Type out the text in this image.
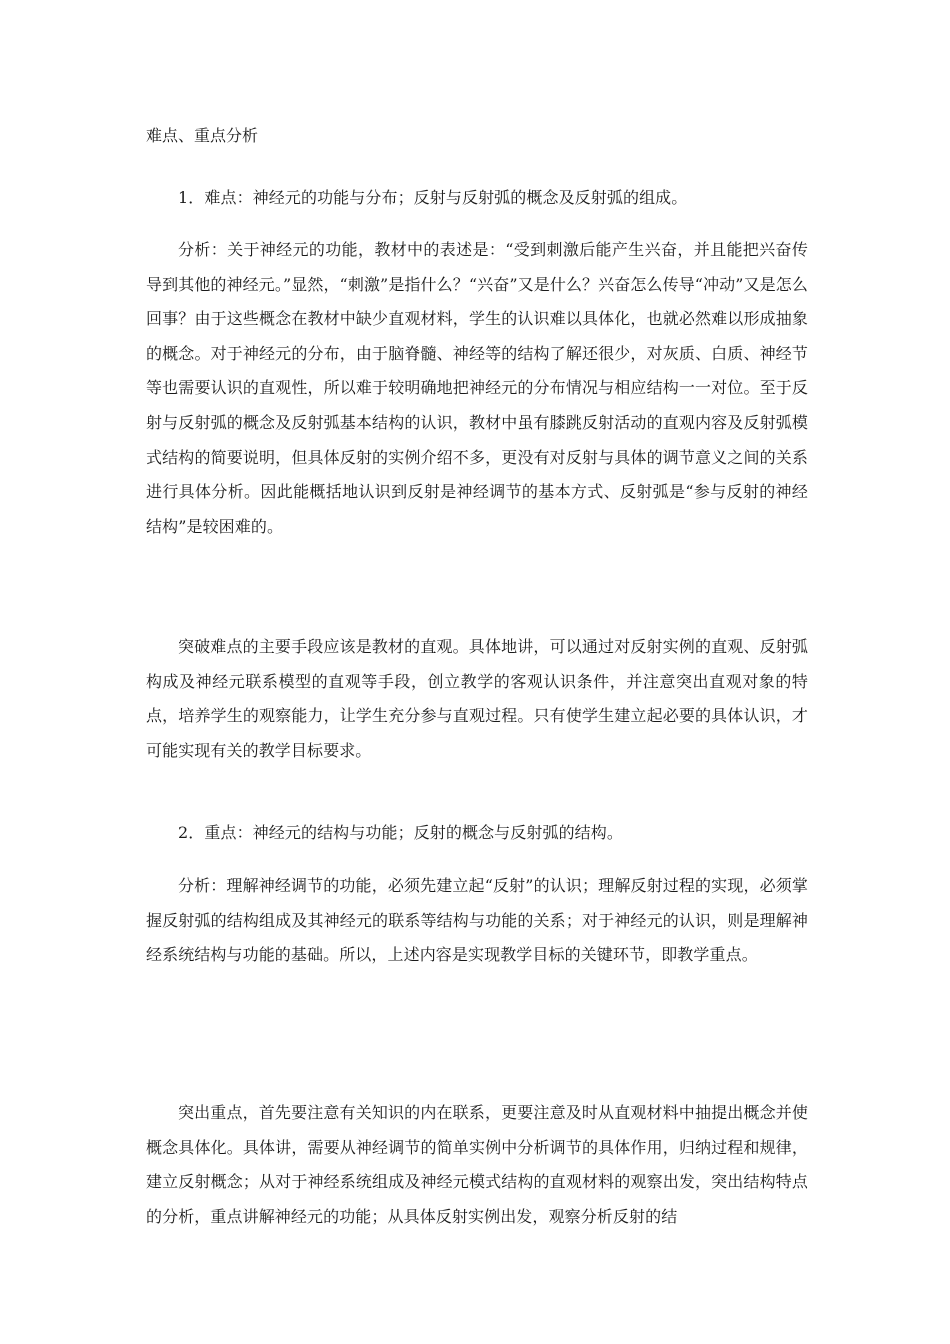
难点、重点分析

1．难点：神经元的功能与分布；反射与反射弧的概念及反射弧的组成。

分析：关于神经元的功能，教材中的表述是：“受到刺激后能产生兴奋，并且能把兴奋传导到其他的神经元。”显然，“刺激”是指什么？“兴奋”又是什么？兴奋怎么传导“冲动”又是怎么回事？由于这些概念在教材中缺少直观材料，学生的认识难以具体化，也就必然难以形成抽象的概念。对于神经元的分布，由于脑脊髓、神经等的结构了解还很少，对灰质、白质、神经节等也需要认识的直观性，所以难于较明确地把神经元的分布情况与相应结构一一对位。至于反射与反射弧的概念及反射弧基本结构的认识，教材中虽有膝跳反射活动的直观内容及反射弧模式结构的简要说明，但具体反射的实例介绍不多，更没有对反射与具体的调节意义之间的关系进行具体分析。因此能概括地认识到反射是神经调节的基本方式、反射弧是“参与反射的神经结构”是较困难的。

突破难点的主要手段应该是教材的直观。具体地讲，可以通过对反射实例的直观、反射弧构成及神经元联系模型的直观等手段，创立教学的客观认识条件，并注意突出直观对象的特点，培养学生的观察能力，让学生充分参与直观过程。只有使学生建立起必要的具体认识，才可能实现有关的教学目标要求。

2．重点：神经元的结构与功能；反射的概念与反射弧的结构。

分析：理解神经调节的功能，必须先建立起“反射”的认识；理解反射过程的实现，必须掌握反射弧的结构组成及其神经元的联系等结构与功能的关系；对于神经元的认识，则是理解神经系统结构与功能的基础。所以，上述内容是实现教学目标的关键环节，即教学重点。

突出重点，首先要注意有关知识的内在联系，更要注意及时从直观材料中抽提出概念并使概念具体化。具体讲，需要从神经调节的简单实例中分析调节的具体作用，归纳过程和规律，建立反射概念；从对于神经系统组成及神经元模式结构的直观材料的观察出发，突出结构特点的分析，重点讲解神经元的功能；从具体反射实例出发，观察分析反射的结
